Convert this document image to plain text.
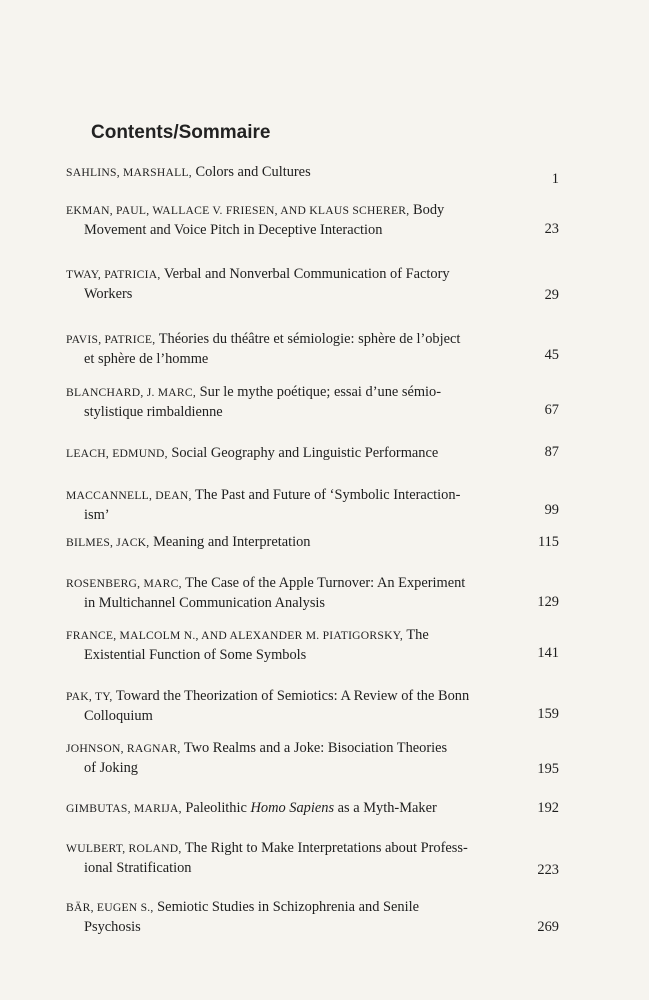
Contents/Sommaire
SAHLINS, MARSHALL, Colors and Cultures	1
EKMAN, PAUL, WALLACE V. FRIESEN, AND KLAUS SCHERER, Body
Movement and Voice Pitch in Deceptive Interaction	23
TWAY, PATRICIA, Verbal and Nonverbal Communication of Factory
Workers	29
PAVIS, PATRICE, Théories du théâtre et sémiologie: sphère de l’object
et sphère de l’homme	45
BLANCHARD, J. MARC, Sur le mythe poétique; essai d’une sémio-
stylistique rimbaldienne	67
LEACH, EDMUND, Social Geography and Linguistic Performance	87
MACCANNELL, DEAN, The Past and Future of ‘Symbolic Interaction-
ism’	99
BILMES, JACK, Meaning and Interpretation	115
ROSENBERG, MARC, The Case of the Apple Turnover: An Experiment
in Multichannel Communication Analysis	129
FRANCE, MALCOLM N., AND ALEXANDER M. PIATIGORSKY, The
Existential Function of Some Symbols	141
PAK, TY, Toward the Theorization of Semiotics: A Review of the Bonn
Colloquium	159
JOHNSON, RAGNAR, Two Realms and a Joke: Bisociation Theories
of Joking	195
GIMBUTAS, MARIJA, Paleolithic Homo Sapiens as a Myth-Maker	192
WULBERT, ROLAND, The Right to Make Interpretations about Profess-
ional Stratification	223
BÄR, EUGEN S., Semiotic Studies in Schizophrenia and Senile
Psychosis	269
